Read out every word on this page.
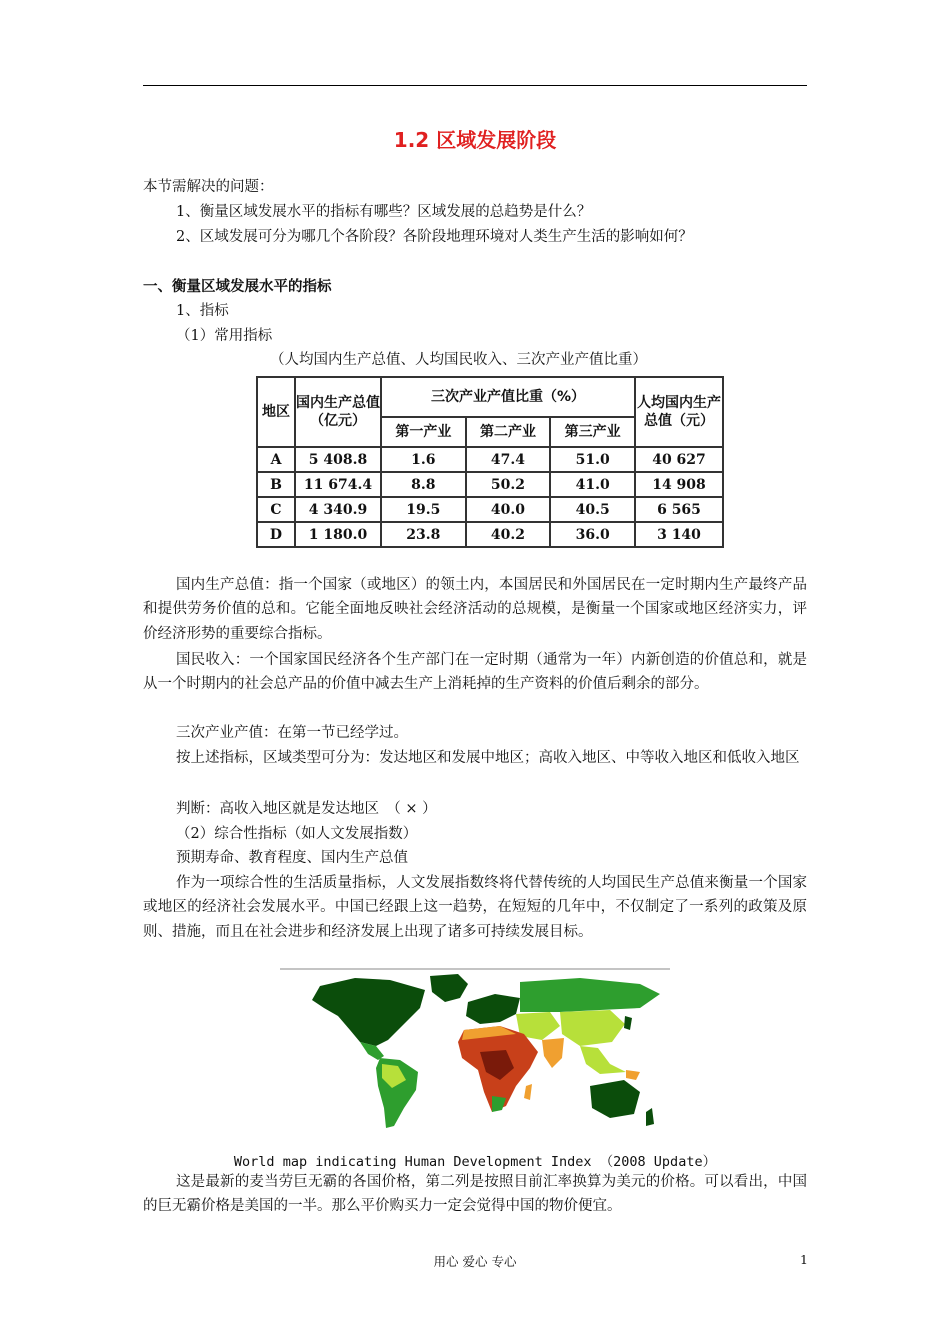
1.2 区域发展阶段
本节需解决的问题：
1、衡量区域发展水平的指标有哪些？区域发展的总趋势是什么？
2、区域发展可分为哪几个各阶段？各阶段地理环境对人类生产生活的影响如何？
一、衡量区域发展水平的指标
1、指标
（1）常用指标
（人均国内生产总值、人均国民收入、三次产业产值比重）
地区	国内生产总值（亿元）	三次产业产值比重（%）			人均国内生产总值（元）
		第一产业	第二产业	第三产业	
A	5 408.8	1.6	47.4	51.0	40 627
B	11 674.4	8.8	50.2	41.0	14 908
C	4 340.9	19.5	40.0	40.5	6 565
D	1 180.0	23.8	40.2	36.0	3 140
国内生产总值：指一个国家（或地区）的领土内，本国居民和外国居民在一定时期内生产最终产品和提供劳务价值的总和。它能全面地反映社会经济活动的总规模，是衡量一个国家或地区经济实力，评价经济形势的重要综合指标。
国民收入：一个国家国民经济各个生产部门在一定时期（通常为一年）内新创造的价值总和，就是从一个时期内的社会总产品的价值中减去生产上消耗掉的生产资料的价值后剩余的部分。
三次产业产值：在第一节已经学过。
按上述指标，区域类型可分为：发达地区和发展中地区；高收入地区、中等收入地区和低收入地区
判断：高收入地区就是发达地区　（ × ）
（2）综合性指标（如人文发展指数）
预期寿命、教育程度、国内生产总值
作为一项综合性的生活质量指标，人文发展指数终将代替传统的人均国民生产总值来衡量一个国家或地区的经济社会发展水平。中国已经跟上这一趋势，在短短的几年中，不仅制定了一系列的政策及原则、措施，而且在社会进步和经济发展上出现了诸多可持续发展目标。
World map indicating Human Development Index （2008 Update）
这是最新的麦当劳巨无霸的各国价格，第二列是按照目前汇率换算为美元的价格。可以看出，中国的巨无霸价格是美国的一半。那么平价购买力一定会觉得中国的物价便宜。
用心 爱心 专心	1
